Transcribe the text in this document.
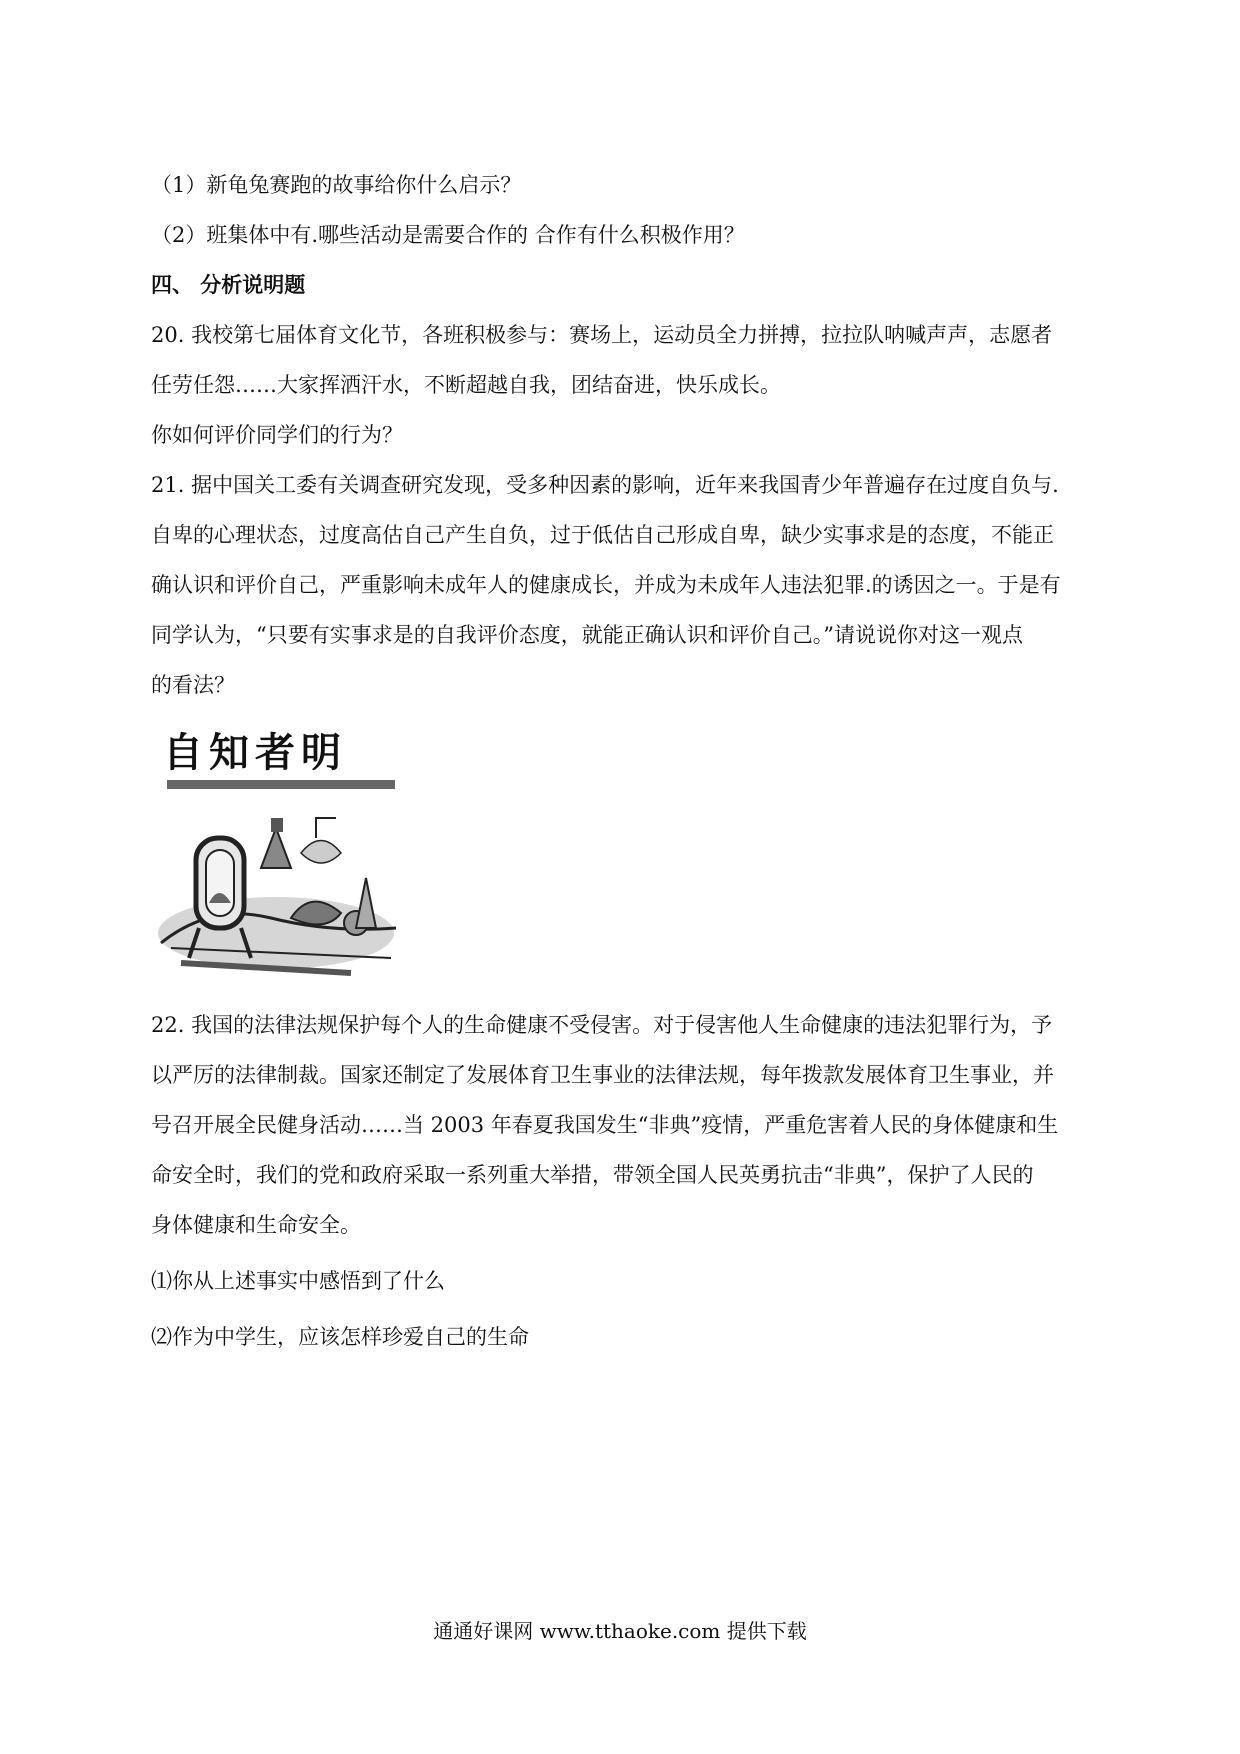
（1）新龟兔赛跑的故事给你什么启示？
（2）班集体中有.哪些活动是需要合作的 合作有什么积极作用？
四、 分析说明题
20. 我校第七届体育文化节，各班积极参与：赛场上，运动员全力拼搏，拉拉队呐喊声声，志愿者
任劳任怨……大家挥洒汗水，不断超越自我，团结奋进，快乐成长。
你如何评价同学们的行为？
21. 据中国关工委有关调查研究发现，受多种因素的影响，近年来我国青少年普遍存在过度自负与.
自卑的心理状态，过度高估自己产生自负，过于低估自己形成自卑，缺少实事求是的态度，不能正
确认识和评价自己，严重影响未成年人的健康成长，并成为未成年人违法犯罪.的诱因之一。于是有
同学认为，“只要有实事求是的自我评价态度，就能正确认识和评价自己。”请说说你对这一观点
的看法？
自知者明
22. 我国的法律法规保护每个人的生命健康不受侵害。对于侵害他人生命健康的违法犯罪行为，予
以严厉的法律制裁。国家还制定了发展体育卫生事业的法律法规，每年拨款发展体育卫生事业，并
号召开展全民健身活动……当 2003 年春夏我国发生“非典”疫情，严重危害着人民的身体健康和生
命安全时，我们的党和政府采取一系列重大举措，带领全国人民英勇抗击“非典”，保护了人民的
身体健康和生命安全。
⑴你从上述事实中感悟到了什么
⑵作为中学生，应该怎样珍爱自己的生命
通通好课网 www.tthaoke.com 提供下载
